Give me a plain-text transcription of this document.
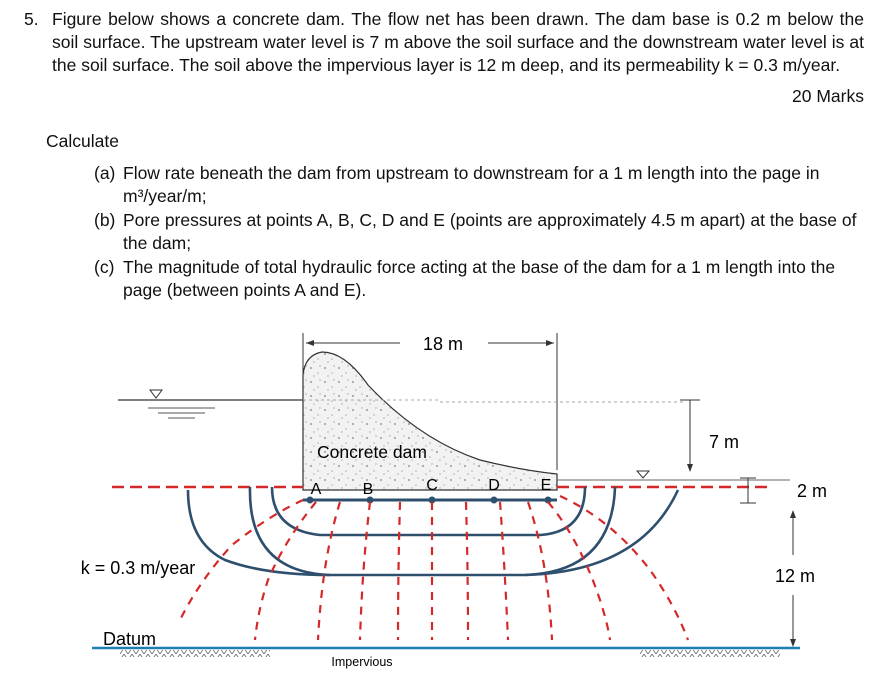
5. Figure below shows a concrete dam. The flow net has been drawn. The dam base is 0.2 m below the soil surface. The upstream water level is 7 m above the soil surface and the downstream water level is at the soil surface. The soil above the impervious layer is 12 m deep, and its permeability k = 0.3 m/year.
20 Marks
Calculate
(a) Flow rate beneath the dam from upstream to downstream for a 1 m length into the page in m³/year/m;
(b) Pore pressures at points A, B, C, D and E (points are approximately 4.5 m apart) at the base of the dam;
(c) The magnitude of total hydraulic force acting at the base of the dam for a 1 m length into the page (between points A and E).
18 m
Concrete dam	7 m
2 m
12 m
A	B	C	D	E
Impervious
k = 0.3 m/year
Datum
